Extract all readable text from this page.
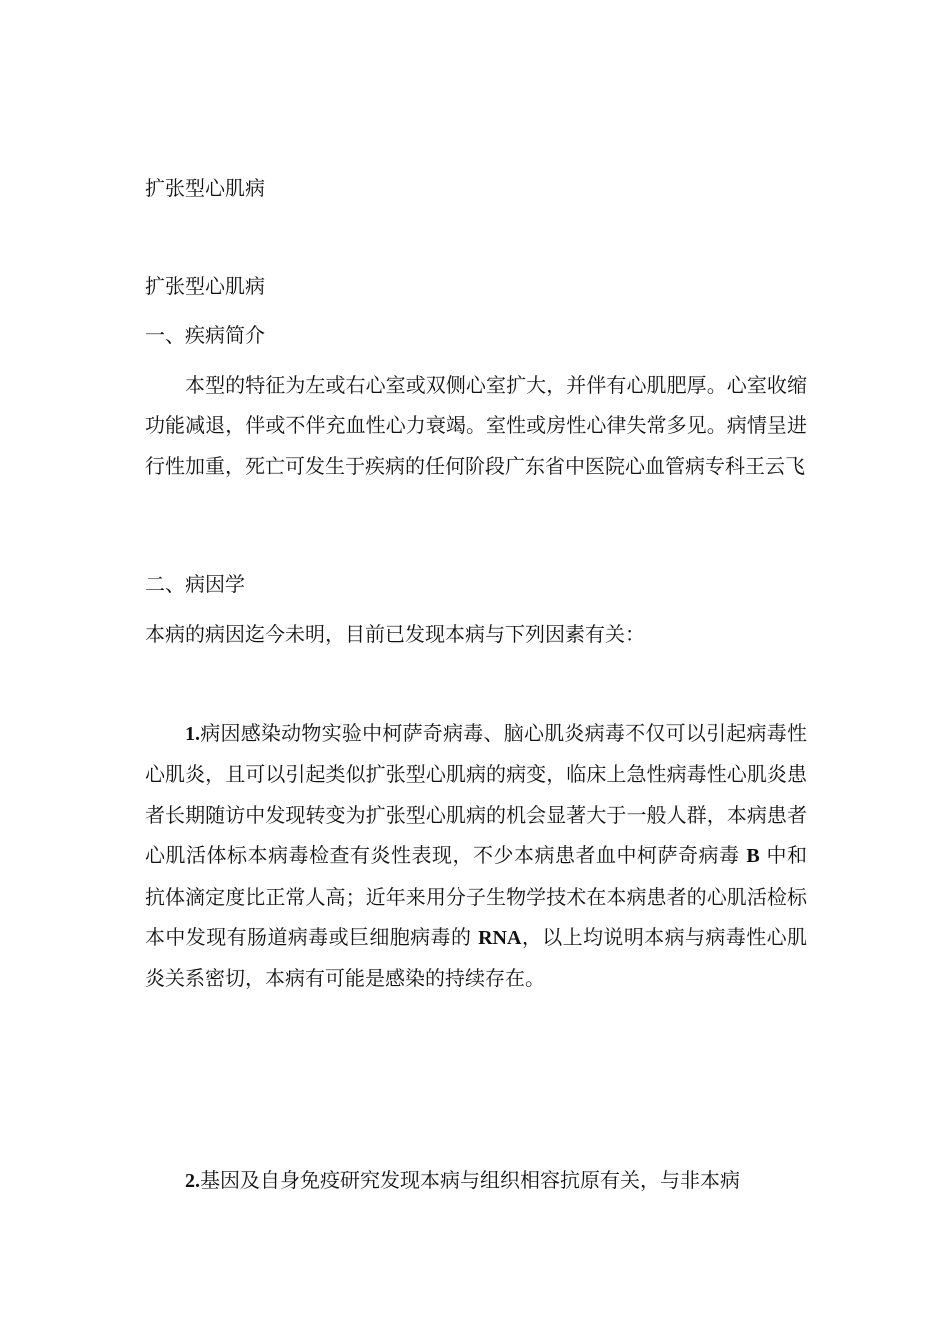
扩张型心肌病
扩张型心肌病
一、疾病简介

本型的特征为左或右心室或双侧心室扩大，并伴有心肌肥厚。心室收缩功能减退，伴或不伴充血性心力衰竭。室性或房性心律失常多见。病情呈进行性加重，死亡可发生于疾病的任何阶段广东省中医院心血管病专科王云飞

二、病因学
本病的病因迄今未明，目前已发现本病与下列因素有关：

1.病因感染动物实验中柯萨奇病毒、脑心肌炎病毒不仅可以引起病毒性心肌炎，且可以引起类似扩张型心肌病的病变，临床上急性病毒性心肌炎患者长期随访中发现转变为扩张型心肌病的机会显著大于一般人群，本病患者心肌活体标本病毒检查有炎性表现，不少本病患者血中柯萨奇病毒 B 中和抗体滴定度比正常人高；近年来用分子生物学技术在本病患者的心肌活检标本中发现有肠道病毒或巨细胞病毒的 RNA，以上均说明本病与病毒性心肌炎关系密切，本病有可能是感染的持续存在。

2.基因及自身免疫研究发现本病与组织相容抗原有关，与非本病
